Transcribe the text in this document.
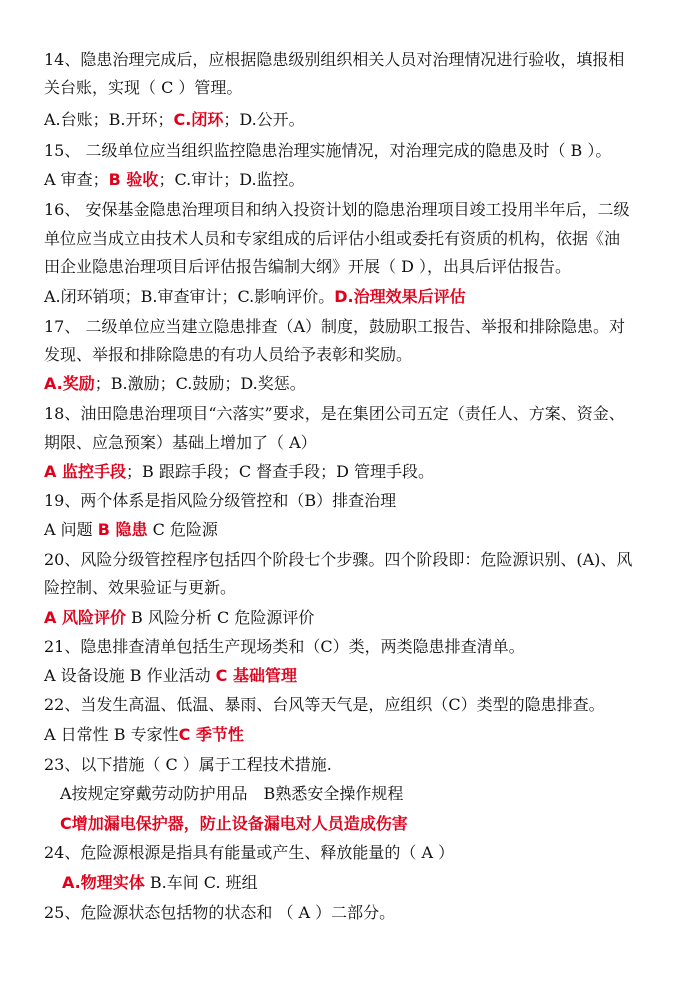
14、隐患治理完成后，应根据隐患级别组织相关人员对治理情况进行验收，填报相
关台账，实现（ C ）管理。
A.台账；B.开环；C.闭环；D.公开。
15、 二级单位应当组织监控隐患治理实施情况，对治理完成的隐患及时（ B ）。
A 审查；B 验收；C.审计；D.监控。
16、 安保基金隐患治理项目和纳入投资计划的隐患治理项目竣工投用半年后，二级
单位应当成立由技术人员和专家组成的后评估小组或委托有资质的机构，依据《油
田企业隐患治理项目后评估报告编制大纲》开展（ D ），出具后评估报告。
A.闭环销项；B.审查审计；C.影响评价。D.治理效果后评估
17、 二级单位应当建立隐患排查（A）制度，鼓励职工报告、举报和排除隐患。对
发现、举报和排除隐患的有功人员给予表彰和奖励。
A.奖励；B.激励；C.鼓励；D.奖惩。
18、油田隐患治理项目“六落实”要求，是在集团公司五定（责任人、方案、资金、
期限、应急预案）基础上增加了（ A）
A 监控手段；B 跟踪手段；C 督查手段；D 管理手段。
19、两个体系是指风险分级管控和（B）排查治理
A 问题 B 隐患 C 危险源
20、风险分级管控程序包括四个阶段七个步骤。四个阶段即：危险源识别、(A)、风
险控制、效果验证与更新。
A 风险评价 B 风险分析 C 危险源评价
21、隐患排查清单包括生产现场类和（C）类，两类隐患排查清单。
A 设备设施 B 作业活动 C 基础管理
22、当发生高温、低温、暴雨、台风等天气是，应组织（C）类型的隐患排查。
A 日常性 B 专家性C 季节性
23、以下措施（ C ）属于工程技术措施.
A按规定穿戴劳动防护用品　B熟悉安全操作规程
C增加漏电保护器，防止设备漏电对人员造成伤害
24、危险源根源是指具有能量或产生、释放能量的（ A ）
A.物理实体 B.车间 C. 班组
25、危险源状态包括物的状态和 （ A ）二部分。
